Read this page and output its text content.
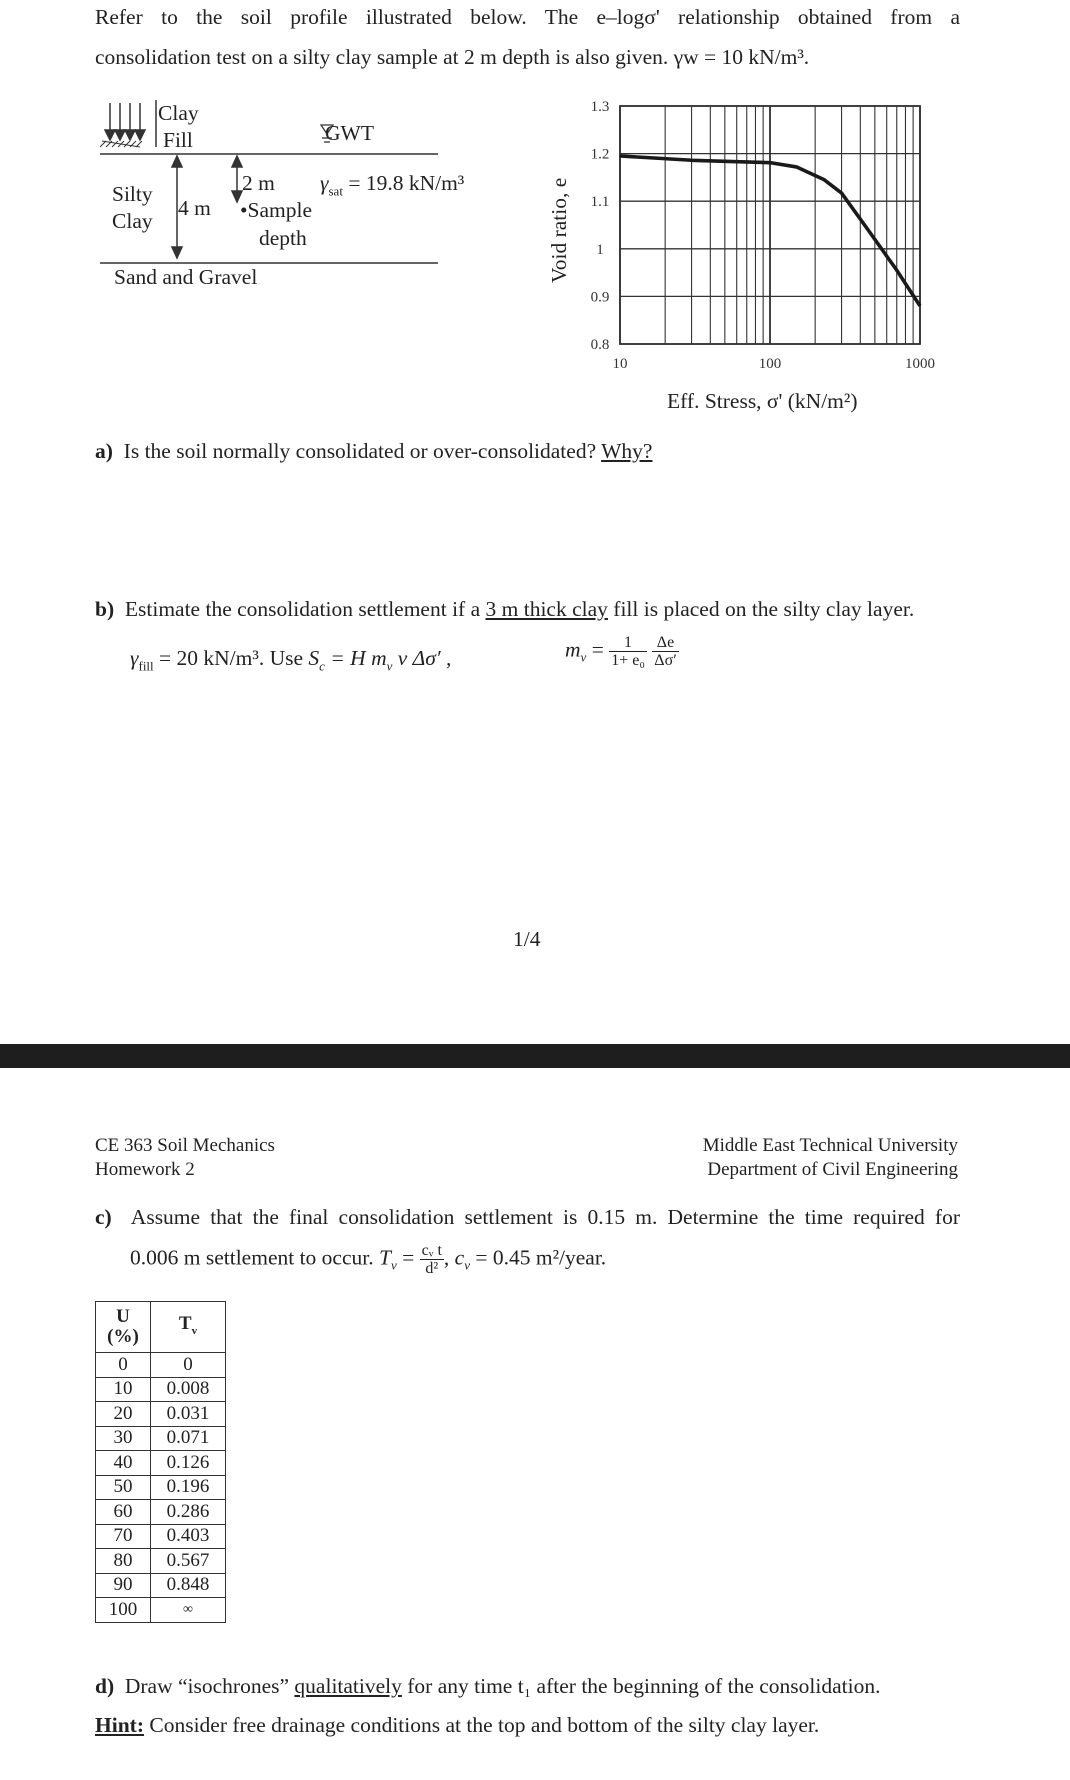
Refer to the soil profile illustrated below. The e–logσ' relationship obtained from a
consolidation test on a silty clay sample at 2 m depth is also given. γw = 10 kN/m³.
Clay
Fill	GWT
Silty
Clay
4 m
2 m $\gamma_{sat} = 19.8$ kN/m³
•Sample
depth
Sand and Gravel
1.3
1.2
1.1
1
0.9
0.8
10	100	1000
Void ratio, e
Eff. Stress, σ' (kN/m²)
a) Is the soil normally consolidated or over-consolidated? Why?
b) Estimate the consolidation settlement if a 3 m thick clay fill is placed on the silty clay layer.
$\gamma_{fill} = 20$ kN/m³. Use $S_c = H$ $m_v$ v Δσ′ ,	$m_v = \frac{1}{\text{1+ e₀}}$
$\frac{\Delta e}{\Delta\sigma'}$
1/4
CE 363 Soil Mechanics
Homework 2
Middle East Technical University
Department of Civil Engineering
c) Assume that the final consolidation settlement is 0.15 m. Determine the time required for
0.006 m settlement to occur. $T_v = \frac{\text{cᵥ t}}{\text{d²}}$ , $c_v = 0.45$ m²/year.
U
(%)	$T_v$
0	0
10	0.008
20	0.031
30	0.071
40	0.126
50	0.196
60	0.286
70	0.403
80	0.567
90	0.848
100	∞
d) Draw “isochrones” qualitatively for any time t₁ after the beginning of the consolidation.
Hint: Consider free drainage conditions at the top and bottom of the silty clay layer.
